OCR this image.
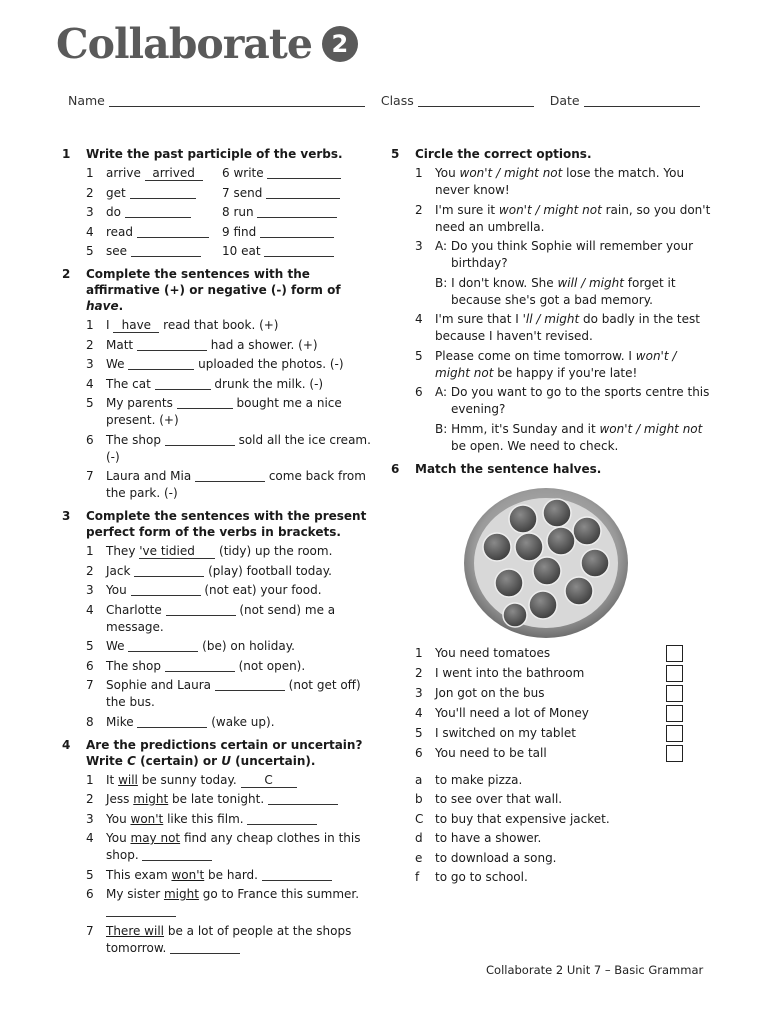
Collaborate 2
Name	Class	Date
1	Write the past participle of the verbs.
1	arrive arrived	6 write
2	get	7 send
3	do	8 run
4	read	9 find
5	see	10 eat
2	Complete the sentences with the affirmative (+) or negative (-) form of have.
1	I have read that book. (+)
2	Matt	had a shower. (+)
3	We	uploaded the photos. (-)
4	The cat	drunk the milk. (-)
5	My parents	bought me a nice present. (+)
6	The shop	sold all the ice cream. (-)
7	Laura and Mia	come back from the park. (-)
3	Complete the sentences with the present perfect form of the verbs in brackets.
1	They 've tidied (tidy) up the room.
2	Jack	(play) football today.
3	You	(not eat) your food.
4	Charlotte	(not send) me a message.
5	We	(be) on holiday.
6	The shop	(not open).
7	Sophie and Laura	(not get off) the bus.
8	Mike	(wake up).
4	Are the predictions certain or uncertain? Write C (certain) or U (uncertain).
1	It will be sunny today. C
2	Jess might be late tonight.
3	You won't like this film.
4	You may not find any cheap clothes in this shop.
5	This exam won't be hard.
6	My sister might go to France this summer.
7	There will be a lot of people at the shops tomorrow.
5	Circle the correct options.
1	You won't / might not lose the match. You never know!
2	I'm sure it won't / might not rain, so you don't need an umbrella.
3	A: Do you think Sophie will remember your birthday?
B: I don't know. She will / might forget it because she's got a bad memory.
4	I'm sure that I 'll / might do badly in the test because I haven't revised.
5	Please come on time tomorrow. I won't / might not be happy if you're late!
6	A: Do you want to go to the sports centre this evening?
B: Hmm, it's Sunday and it won't / might not be open. We need to check.
6	Match the sentence halves.
1	You need tomatoes
2	I went into the bathroom
3	Jon got on the bus
4	You'll need a lot of Money
5	I switched on my tablet
6	You need to be tall
a	to make pizza.
b	to see over that wall.
C to buy that expensive jacket.
d	to have a shower.
e	to download a song.
f	to go to school.
Collaborate 2 Unit 7 – Basic Grammar
